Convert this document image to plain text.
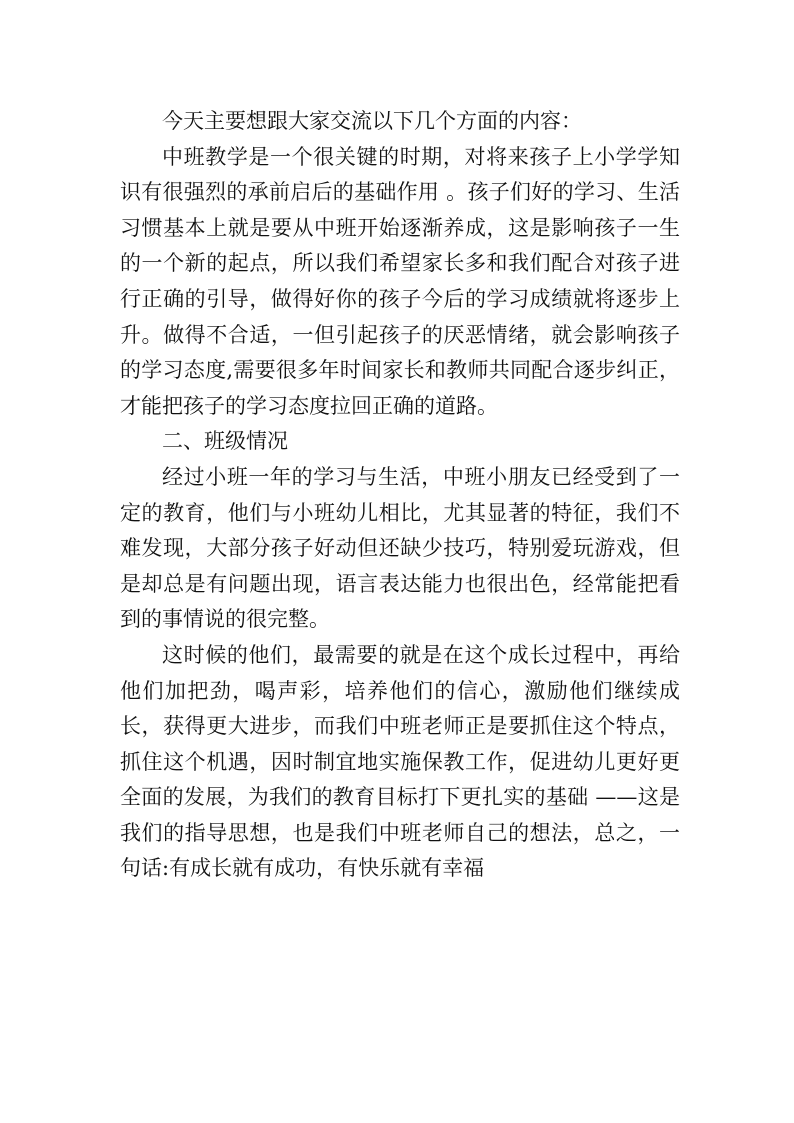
今天主要想跟大家交流以下几个方面的内容：

中班教学是一个很关键的时期，对将来孩子上小学学知识有很强烈的承前启后的基础作用 。孩子们好的学习、生活习惯基本上就是要从中班开始逐渐养成，这是影响孩子一生的一个新的起点，所以我们希望家长多和我们配合对孩子进行正确的引导，做得好你的孩子今后的学习成绩就将逐步上升。做得不合适，一但引起孩子的厌恶情绪，就会影响孩子的学习态度,需要很多年时间家长和教师共同配合逐步纠正，才能把孩子的学习态度拉回正确的道路。

二、班级情况

经过小班一年的学习与生活，中班小朋友已经受到了一定的教育，他们与小班幼儿相比，尤其显著的特征，我们不难发现，大部分孩子好动但还缺少技巧，特别爱玩游戏，但是却总是有问题出现，语言表达能力也很出色，经常能把看到的事情说的很完整。

这时候的他们，最需要的就是在这个成长过程中，再给他们加把劲，喝声彩，培养他们的信心，激励他们继续成长，获得更大进步，而我们中班老师正是要抓住这个特点，抓住这个机遇，因时制宜地实施保教工作，促进幼儿更好更全面的发展，为我们的教育目标打下更扎实的基础 ——这是我们的指导思想，也是我们中班老师自己的想法，总之，一句话:有成长就有成功，有快乐就有幸福
